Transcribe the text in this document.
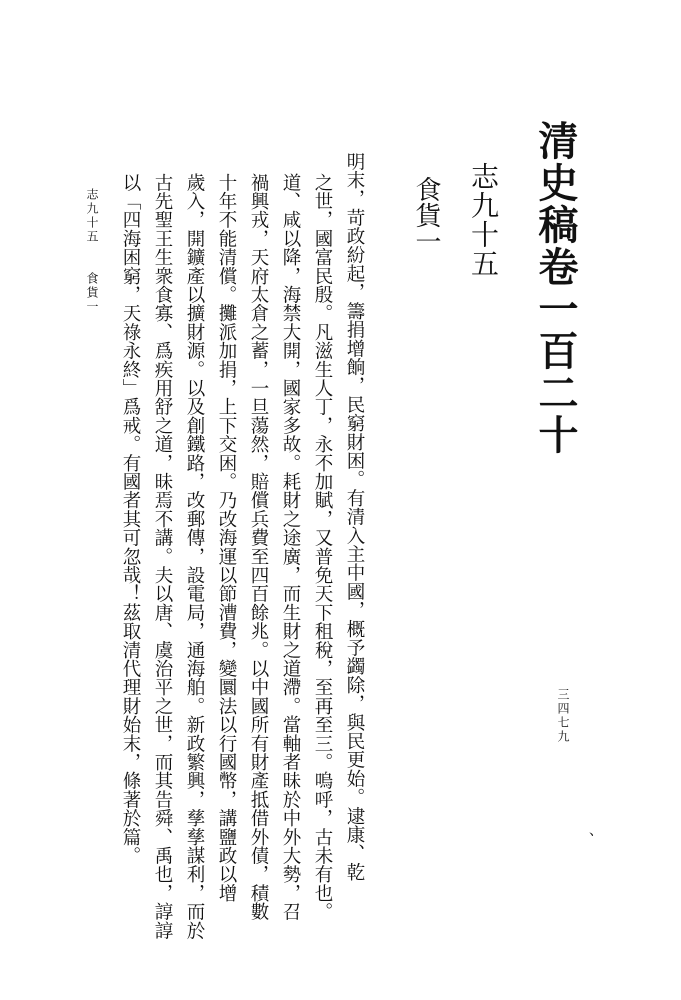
清史稿卷一百二十
志九十五
食貨一
明末，苛政紛起，籌捐增餉，民窮財困。有清入主中國，概予蠲除，與民更始。逮康、乾
之世，國富民殷。凡滋生人丁，永不加賦，又普免天下租稅，至再至三。嗚呼，古未有也。
道、咸以降，海禁大開，國家多故。耗財之途廣，而生財之道滯。當軸者昧於中外大勢，召
禍興戎，天府太倉之蓄，一旦蕩然，賠償兵費至四百餘兆。以中國所有財產抵借外債，積數
十年不能清償。攤派加捐，上下交困。乃改海運以節漕費，變圜法以行國幣，講鹽政以增
歲入，開鑛產以擴財源。以及創鐵路，改郵傳，設電局，通海舶。新政繁興，孳孳謀利，而於
古先聖王生衆食寡、爲疾用舒之道，昧焉不講。夫以唐、虞治平之世，而其告舜、禹也，諄諄
以「四海困窮，天祿永終」爲戒。有國者其可忽哉！茲取清代理財始末，條著於篇。
志九十五　　食貨一
三四七九
、
